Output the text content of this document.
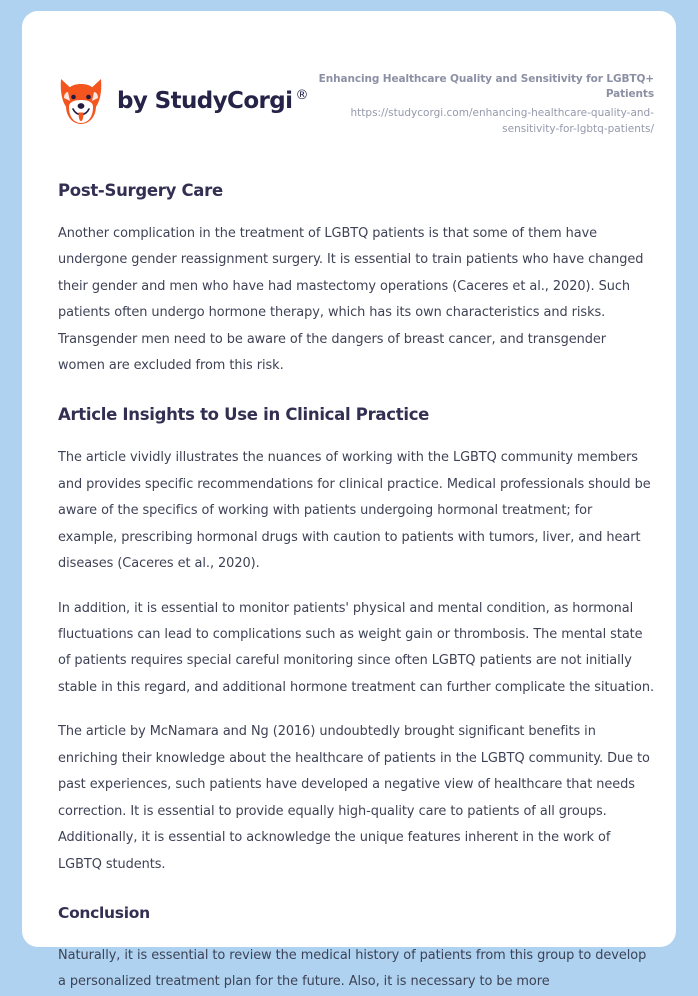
by StudyCorgi ®
Enhancing Healthcare Quality and Sensitivity for LGBTQ+ Patients
https://studycorgi.com/enhancing-healthcare-quality-and-sensitivity-for-lgbtq-patients/
Post-Surgery Care

Another complication in the treatment of LGBTQ patients is that some of them have undergone gender reassignment surgery. It is essential to train patients who have changed their gender and men who have had mastectomy operations (Caceres et al., 2020). Such patients often undergo hormone therapy, which has its own characteristics and risks. Transgender men need to be aware of the dangers of breast cancer, and transgender women are excluded from this risk.

Article Insights to Use in Clinical Practice

The article vividly illustrates the nuances of working with the LGBTQ community members and provides specific recommendations for clinical practice. Medical professionals should be aware of the specifics of working with patients undergoing hormonal treatment; for example, prescribing hormonal drugs with caution to patients with tumors, liver, and heart diseases (Caceres et al., 2020).

In addition, it is essential to monitor patients' physical and mental condition, as hormonal fluctuations can lead to complications such as weight gain or thrombosis. The mental state of patients requires special careful monitoring since often LGBTQ patients are not initially stable in this regard, and additional hormone treatment can further complicate the situation.

The article by McNamara and Ng (2016) undoubtedly brought significant benefits in enriching their knowledge about the healthcare of patients in the LGBTQ community. Due to past experiences, such patients have developed a negative view of healthcare that needs correction. It is essential to provide equally high-quality care to patients of all groups. Additionally, it is essential to acknowledge the unique features inherent in the work of LGBTQ students.

Conclusion

Naturally, it is essential to review the medical history of patients from this group to develop a personalized treatment plan for the future. Also, it is necessary to be more
